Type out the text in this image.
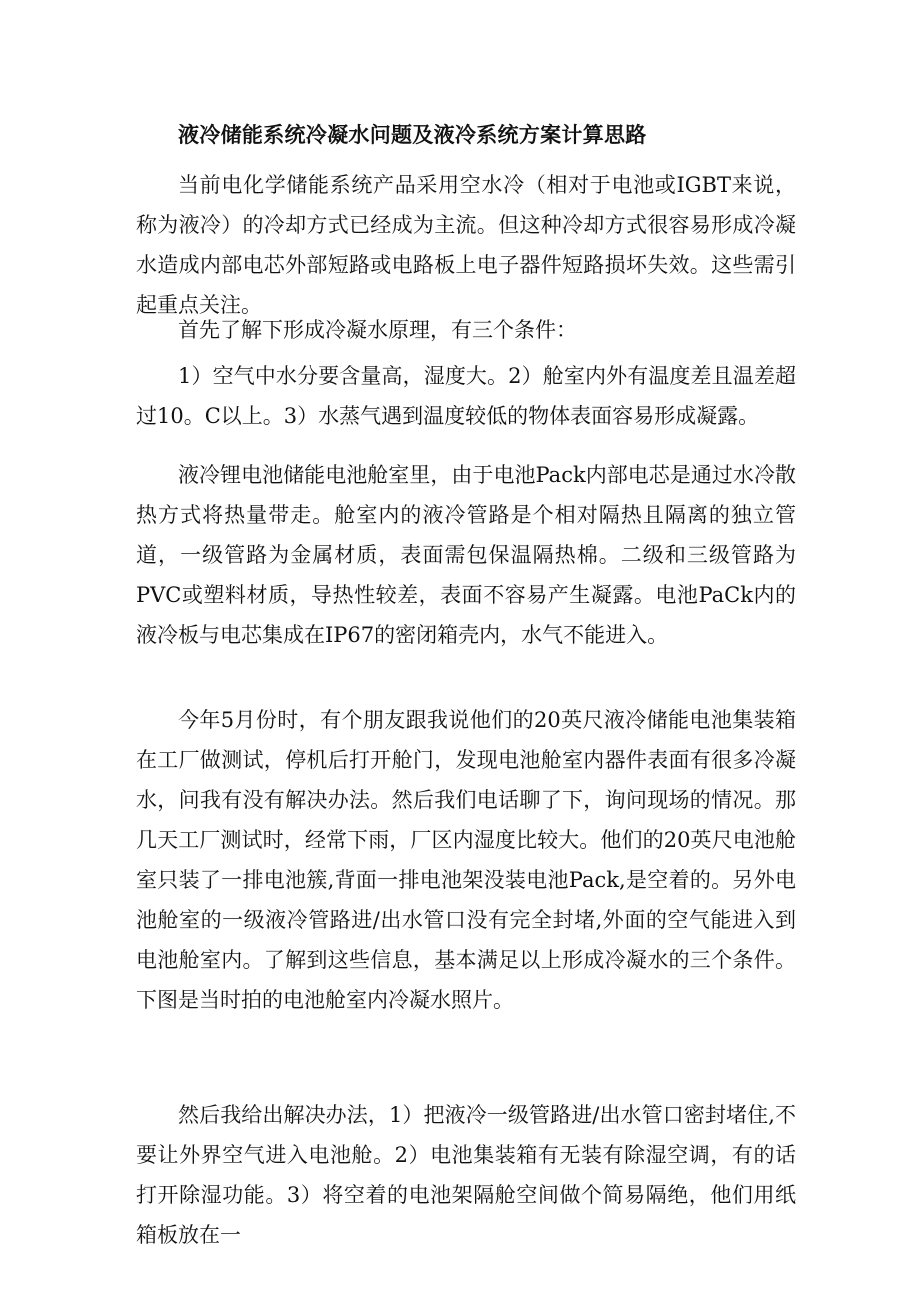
液冷储能系统冷凝水问题及液冷系统方案计算思路

当前电化学储能系统产品采用空水冷（相对于电池或IGBT来说，称为液冷）的冷却方式已经成为主流。但这种冷却方式很容易形成冷凝水造成内部电芯外部短路或电路板上电子器件短路损坏失效。这些需引起重点关注。

首先了解下形成冷凝水原理，有三个条件：

1）空气中水分要含量高，湿度大。2）舱室内外有温度差且温差超过10。C以上。3）水蒸气遇到温度较低的物体表面容易形成凝露。

液冷锂电池储能电池舱室里，由于电池Pack内部电芯是通过水冷散热方式将热量带走。舱室内的液冷管路是个相对隔热且隔离的独立管道，一级管路为金属材质，表面需包保温隔热棉。二级和三级管路为PVC或塑料材质，导热性较差，表面不容易产生凝露。电池PaCk内的液冷板与电芯集成在IP67的密闭箱壳内，水气不能进入。

今年5月份时，有个朋友跟我说他们的20英尺液冷储能电池集装箱在工厂做测试，停机后打开舱门，发现电池舱室内器件表面有很多冷凝水，问我有没有解决办法。然后我们电话聊了下，询问现场的情况。那几天工厂测试时，经常下雨，厂区内湿度比较大。他们的20英尺电池舱室只装了一排电池簇,背面一排电池架没装电池Pack,是空着的。另外电池舱室的一级液冷管路进/出水管口没有完全封堵,外面的空气能进入到电池舱室内。了解到这些信息，基本满足以上形成冷凝水的三个条件。下图是当时拍的电池舱室内冷凝水照片。

然后我给出解决办法，1）把液冷一级管路进/出水管口密封堵住,不要让外界空气进入电池舱。2）电池集装箱有无装有除湿空调，有的话打开除湿功能。3）将空着的电池架隔舱空间做个简易隔绝，他们用纸箱板放在一
